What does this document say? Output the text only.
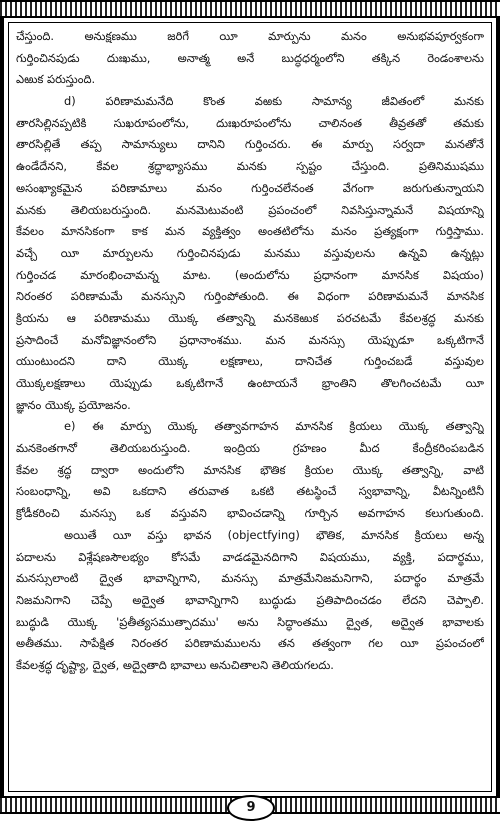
చేస్తుంది. అనుక్షణము జరిగే యీ మార్పును మనం అనుభవపూర్వకంగా
గుర్తించినపుడు దుఃఖము, అనాత్మ అనే బుద్ధధర్మంలోని తక్కిన రెండంశాలను
ఎఱుక పరుస్తుంది.
d) పరిణామమనేది కొంత వఱకు సామాన్య జీవితంలో మనకు
తారసిల్లినప్పటికి సుఖరూపంలోను, దుఃఖరూపంలోను చాలినంత తీవ్రతతో తమకు
తారసిల్లితే తప్ప సామాన్యులు దానిని గుర్తించరు. ఈ మార్పు సర్వదా మనతోనే
ఉండేదేనని, కేవల శ్రద్ధాభ్యాసము మనకు స్పష్టం చేస్తుంది. ప్రతినిముషము
అసంఖ్యాకమైన పరిణామాలు మనం గుర్తించలేనంత వేగంగా జరుగుతున్నాయని
మనకు తెలియబరుస్తుంది. మనమెటువంటి ప్రపంచంలో నివసిస్తున్నామనే విషయాన్ని
కేవలం మానసికంగా కాక మన వ్యక్తిత్వం అంతటిలోను మనం ప్రత్యక్షంగా గుర్తిస్తాము.
వచ్చే యీ మార్పులను గుర్తించినపుడు మనము వస్తువులను ఉన్నవి ఉన్నట్లు
గుర్తించడ మారంభించామన్న మాట. (అందులోను ప్రధానంగా మానసిక విషయం)
నిరంతర పరిణామమే మనస్సుని గుర్తింపోతుంది. ఈ విధంగా పరిణామమనే మానసిక
క్రియను ఆ పరిణామము యొక్క తత్వాన్ని మనకెఱుక పరచటమే కేవలశ్రద్ధ మనకు
ప్రసాదించే మనోవిజ్ఞానంలోని ప్రధానాంశము. మన మనస్సు యెప్పుడూ ఒక్కటిగానే
యుంటుందని దాని యొక్క లక్షణాలు, దానిచేత గుర్తించబడే వస్తువుల
యొక్కలక్షణాలు యెప్పుడు ఒక్కటిగానే ఉంటాయనే భ్రాంతిని తొలగించటమే యీ
జ్ఞానం యొక్క ప్రయోజనం.
e) ఈ మార్పు యొక్క తత్వావగాహన మానసిక క్రియలు యొక్క తత్వాన్ని
మనకెంతగానో తెలియబరుస్తుంది. ఇంద్రియ గ్రహణం మీద కేంద్రీకరింపబడిన
కేవల శ్రద్ధ ద్వారా అందులోని మానసిక భౌతిక క్రియల యొక్క తత్వాన్ని, వాటి
సంబంధాన్ని, అవి ఒకదాని తరువాత ఒకటి తటస్థించే స్వభావాన్ని, వీటన్నింటినీ
క్రోడీకరించి మనస్సు ఒక వస్తువని భావించడాన్ని గూర్చిన అవగాహన కలుగుతుంది.
అయితే యీ వస్తు భావన (objectfying) భౌతిక, మానసిక క్రియలు అన్న
పదాలను విశ్లేషణసౌలభ్యం కోసమే వాడడమైనదిగాని విషయము, వ్యక్తి, పదార్థము,
మనస్సులాంటి ద్వైత భావాన్నిగాని, మనస్సు మాత్రమేనిజమనిగాని, పదార్థం మాత్రమే
నిజమనిగాని చెప్పే అద్వైత భావాన్నిగాని బుద్ధుడు ప్రతిపాదించడం లేదని చెప్పాలి.
బుద్ధుడి యొక్క 'ప్రతీత్యసముత్పాదము' అను సిద్ధాంతము ద్వైత, అద్వైత భావాలకు
అతీతము. సాపేక్షిత నిరంతర పరిణామములను తన తత్వంగా గల యీ ప్రపంచంలో
కేవలశ్రద్ధ దృష్ట్యా, ద్వైత, అద్వైతాది భావాలు అనుచితాలని తెలియగలదు.
9
